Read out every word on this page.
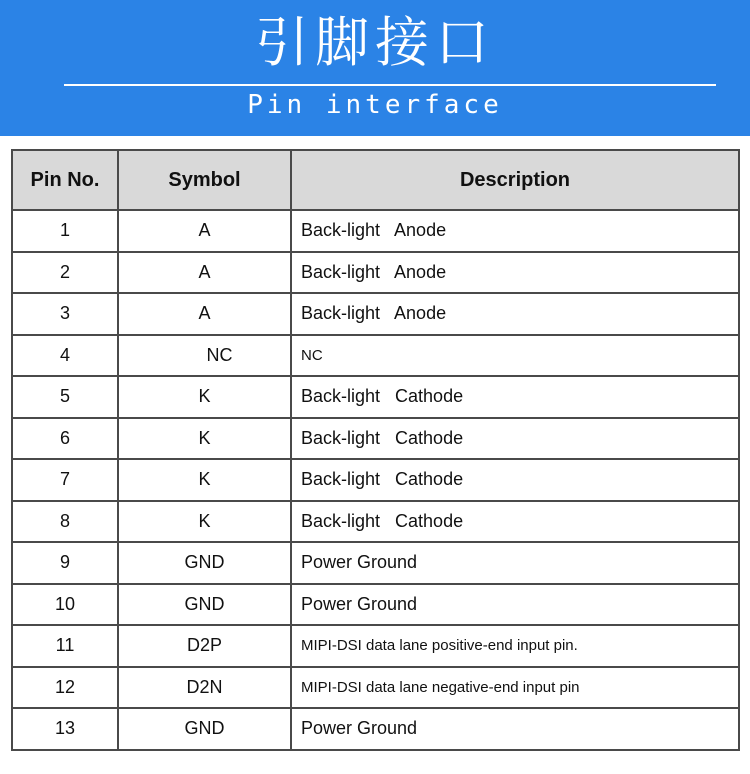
引脚接口
Pin interface
Pin No.	Symbol	Description
1	A	Back-light   Anode
2	A	Back-light   Anode
3	A	Back-light   Anode
4	NC	NC
5	K	Back-light   Cathode
6	K	Back-light   Cathode
7	K	Back-light   Cathode
8	K	Back-light   Cathode
9	GND	Power Ground
10	GND	Power Ground
11	D2P	MIPI-DSI data lane positive-end input pin.
12	D2N	MIPI-DSI data lane negative-end input pin
13	GND	Power Ground
